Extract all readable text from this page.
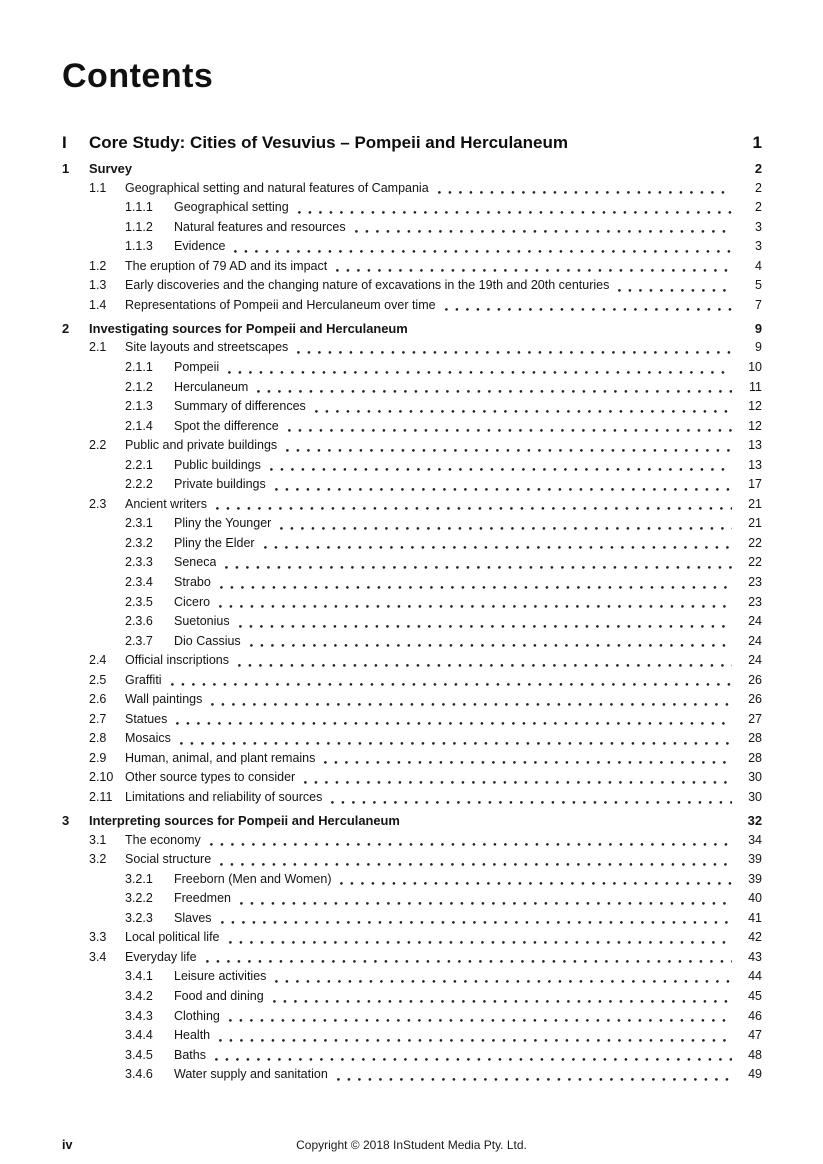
Contents
I	Core Study: Cities of Vesuvius – Pompeii and Herculaneum	1
1	Survey	2
1.1	Geographical setting and natural features of Campania	2
1.1.1	Geographical setting	2
1.1.2	Natural features and resources	3
1.1.3	Evidence	3
1.2	The eruption of 79 AD and its impact	4
1.3	Early discoveries and the changing nature of excavations in the 19th and 20th centuries	5
1.4	Representations of Pompeii and Herculaneum over time	7
2	Investigating sources for Pompeii and Herculaneum	9
2.1	Site layouts and streetscapes	9
2.1.1	Pompeii	10
2.1.2	Herculaneum	11
2.1.3	Summary of differences	12
2.1.4	Spot the difference	12
2.2	Public and private buildings	13
2.2.1	Public buildings	13
2.2.2	Private buildings	17
2.3	Ancient writers	21
2.3.1	Pliny the Younger	21
2.3.2	Pliny the Elder	22
2.3.3	Seneca	22
2.3.4	Strabo	23
2.3.5	Cicero	23
2.3.6	Suetonius	24
2.3.7	Dio Cassius	24
2.4	Official inscriptions	24
2.5	Graffiti	26
2.6	Wall paintings	26
2.7	Statues	27
2.8	Mosaics	28
2.9	Human, animal, and plant remains	28
2.10 Other source types to consider	30
2.11	Limitations and reliability of sources	30
3	Interpreting sources for Pompeii and Herculaneum	32
3.1	The economy	34
3.2	Social structure	39
3.2.1	Freeborn (Men and Women)	39
3.2.2	Freedmen	40
3.2.3	Slaves	41
3.3	Local political life	42
3.4	Everyday life	43
3.4.1	Leisure activities	44
3.4.2	Food and dining	45
3.4.3	Clothing	46
3.4.4	Health	47
3.4.5	Baths	48
3.4.6	Water supply and sanitation	49
iv	Copyright © 2018 InStudent Media Pty. Ltd.
